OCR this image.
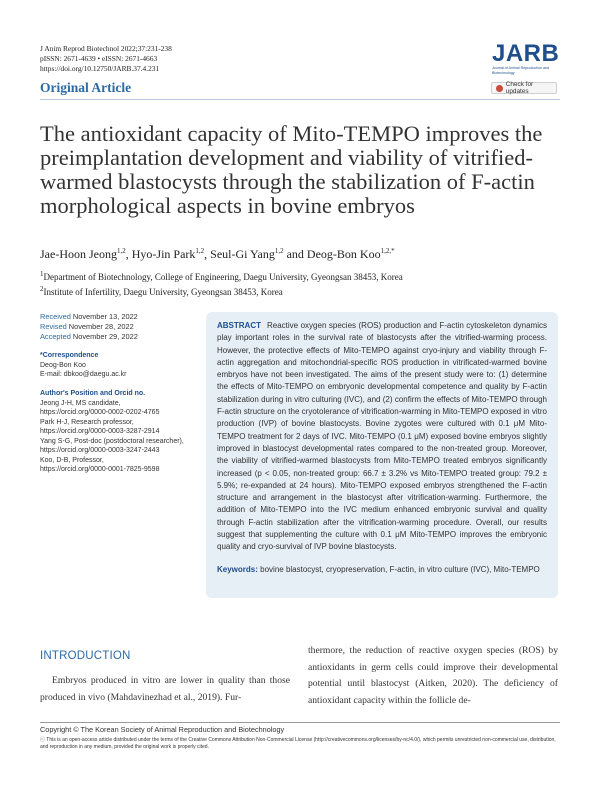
J Anim Reprod Biotechnol 2022;37:231-238
pISSN: 2671-4639 • eISSN: 2671-4663
https://doi.org/10.12750/JARB.37.4.231
Original Article
JARB
Journal of Animal Reproduction and Biotechnology
Check for updates
The antioxidant capacity of Mito-TEMPO improves the preimplantation development and viability of vitrified-warmed blastocysts through the stabilization of F-actin morphological aspects in bovine embryos
Jae-Hoon Jeong$^{1,2}$, Hyo-Jin Park$^{1,2}$, Seul-Gi Yang$^{1,2}$ and Deog-Bon Koo$^{1,2,*}$
$^1$Department of Biotechnology, College of Engineering, Daegu University, Gyeongsan 38453, Korea
$^2$Institute of Infertility, Daegu University, Gyeongsan 38453, Korea
Received November 13, 2022
Revised November 28, 2022
Accepted November 29, 2022
*Correspondence
Deog-Bon Koo
E-mail: dbkoo@daegu.ac.kr
Author's Position and Orcid no.
Jeong J-H, MS candidate,
https://orcid.org/0000-0002-0202-4765
Park H-J, Research professor,
https://orcid.org/0000-0003-3287-2914
Yang S-G, Post-doc (postdoctoral researcher),
https://orcid.org/0000-0003-3247-2443
Koo, D-B, Professor,
https://orcid.org/0000-0001-7825-9598
ABSTRACT Reactive oxygen species (ROS) production and F-actin cytoskeleton dynamics play important roles in the survival rate of blastocysts after the vitrified-warming process. However, the protective effects of Mito-TEMPO against cryo-injury and viability through F-actin aggregation and mitochondrial-specific ROS production in vitrificated-warmed bovine embryos have not been investigated. The aims of the present study were to: (1) determine the effects of Mito-TEMPO on embryonic developmental competence and quality by F-actin stabilization during in vitro culturing (IVC), and (2) confirm the effects of Mito-TEMPO through F-actin structure on the cryotolerance of vitrification-warming in Mito-TEMPO exposed in vitro production (IVP) of bovine blastocysts. Bovine zygotes were cultured with 0.1 μM Mito-TEMPO treatment for 2 days of IVC. Mito-TEMPO (0.1 μM) exposed bovine embryos slightly improved in blastocyst developmental rates compared to the non-treated group. Moreover, the viability of vitrified-warmed blastocysts from Mito-TEMPO treated embryos significantly increased (p < 0.05, non-treated group: 66.7 ± 3.2% vs Mito-TEMPO treated group: 79.2 ± 5.9%; re-expanded at 24 hours). Mito-TEMPO exposed embryos strengthened the F-actin structure and arrangement in the blastocyst after vitrification-warming. Furthermore, the addition of Mito-TEMPO into the IVC medium enhanced embryonic survival and quality through F-actin stabilization after the vitrification-warming procedure. Overall, our results suggest that supplementing the culture with 0.1 μM Mito-TEMPO improves the embryonic quality and cryo-survival of IVP bovine blastocysts.
Keywords: bovine blastocyst, cryopreservation, F-actin, in vitro culture (IVC), Mito-TEMPO
INTRODUCTION
Embryos produced in vitro are lower in quality than those produced in vivo (Mahdavinezhad et al., 2019). Fur-
thermore, the reduction of reactive oxygen species (ROS) by antioxidants in germ cells could improve their developmental potential until blastocyst (Aitken, 2020). The deficiency of antioxidant capacity within the follicle de-
Copyright © The Korean Society of Animal Reproduction and Biotechnology
ⓒ This is an open-access article distributed under the terms of the Creative Commons Attribution Non-Commercial License (http://creativecommons.org/licenses/by-nc/4.0/), which permits unrestricted non-commercial use, distribution, and reproduction in any medium, provided the original work is properly cited.
